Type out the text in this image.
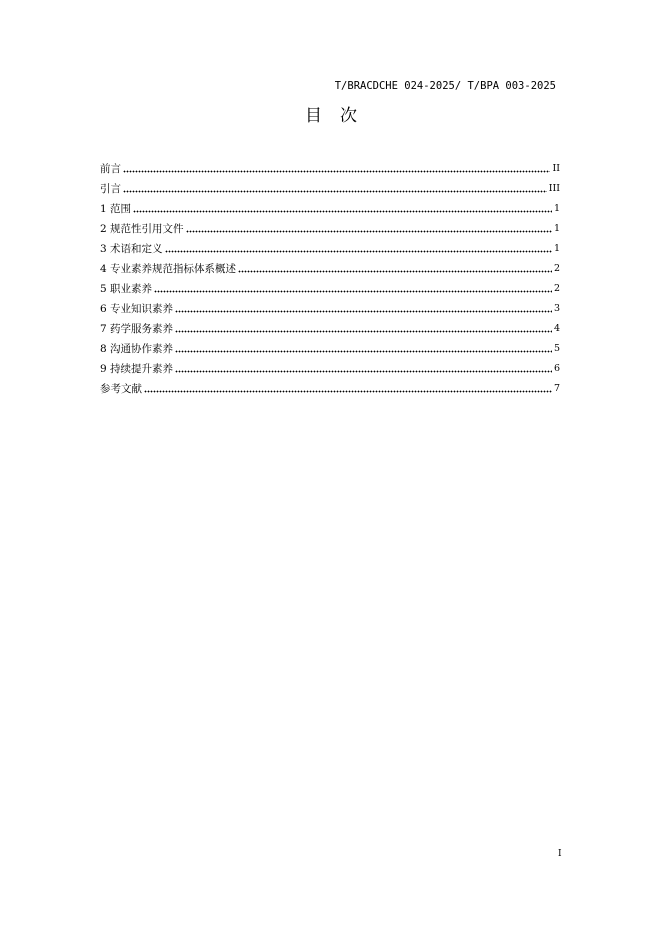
T/BRACDCHE 024-2025/ T/BPA 003-2025
目次
前言	II
引言	III
1 范围	1
2 规范性引用文件	1
3 术语和定义	1
4 专业素养规范指标体系概述	2
5 职业素养	2
6 专业知识素养	3
7 药学服务素养	4
8 沟通协作素养	5
9 持续提升素养	6
参考文献	7
I
